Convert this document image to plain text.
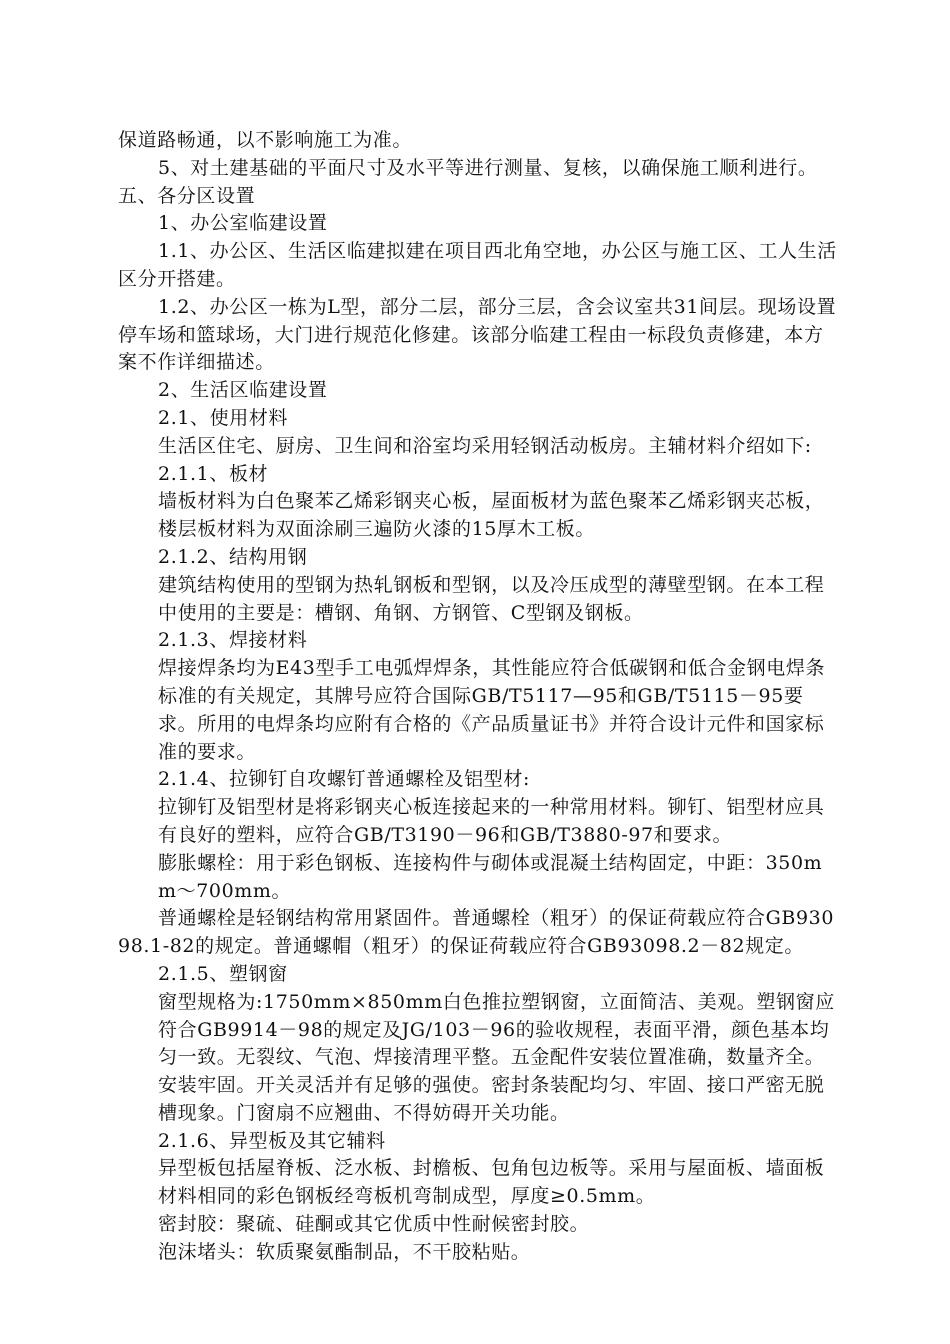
保道路畅通，以不影响施工为准。

5、对土建基础的平面尺寸及水平等进行测量、复核，以确保施工顺利进行。

五、各分区设置

1、办公室临建设置

1.1、办公区、生活区临建拟建在项目西北角空地，办公区与施工区、工人生活区分开搭建。

1.2、办公区一栋为L型，部分二层，部分三层，含会议室共31间层。现场设置停车场和篮球场，大门进行规范化修建。该部分临建工程由一标段负责修建，本方案不作详细描述。

2、生活区临建设置

2.1、使用材料

生活区住宅、厨房、卫生间和浴室均采用轻钢活动板房。主辅材料介绍如下:

2.1.1、板材

墙板材料为白色聚苯乙烯彩钢夹心板，屋面板材为蓝色聚苯乙烯彩钢夹芯板，楼层板材料为双面涂刷三遍防火漆的15厚木工板。

2.1.2、结构用钢

建筑结构使用的型钢为热轧钢板和型钢，以及冷压成型的薄壁型钢。在本工程中使用的主要是：槽钢、角钢、方钢管、C型钢及钢板。

2.1.3、焊接材料

焊接焊条均为E43型手工电弧焊焊条，其性能应符合低碳钢和低合金钢电焊条标准的有关规定，其牌号应符合国际GB/T5117—95和GB/T5115－95要求。所用的电焊条均应附有合格的《产品质量证书》并符合设计元件和国家标准的要求。

2.1.4、拉铆钉自攻螺钉普通螺栓及铝型材:

拉铆钉及铝型材是将彩钢夹心板连接起来的一种常用材料。铆钉、铝型材应具有良好的塑料，应符合GB/T3190－96和GB/T3880-97和要求。

膨胀螺栓：用于彩色钢板、连接构件与砌体或混凝土结构固定，中距：350mm～700mm。

普通螺栓是轻钢结构常用紧固件。普通螺栓（粗牙）的保证荷载应符合GB93098.1-82的规定。普通螺帽（粗牙）的保证荷载应符合GB93098.2－82规定。

2.1.5、塑钢窗

窗型规格为:1750mm×850mm白色推拉塑钢窗，立面简洁、美观。塑钢窗应符合GB9914－98的规定及JG/103－96的验收规程，表面平滑，颜色基本均匀一致。无裂纹、气泡、焊接清理平整。五金配件安装位置准确，数量齐全。安装牢固。开关灵活并有足够的强使。密封条装配均匀、牢固、接口严密无脱槽现象。门窗扇不应翘曲、不得妨碍开关功能。

2.1.6、异型板及其它辅料

异型板包括屋脊板、泛水板、封檐板、包角包边板等。采用与屋面板、墙面板材料相同的彩色钢板经弯板机弯制成型，厚度≥0.5mm。

密封胶：聚硫、硅酮或其它优质中性耐候密封胶。

泡沫堵头：软质聚氨酯制品，不干胶粘贴。
